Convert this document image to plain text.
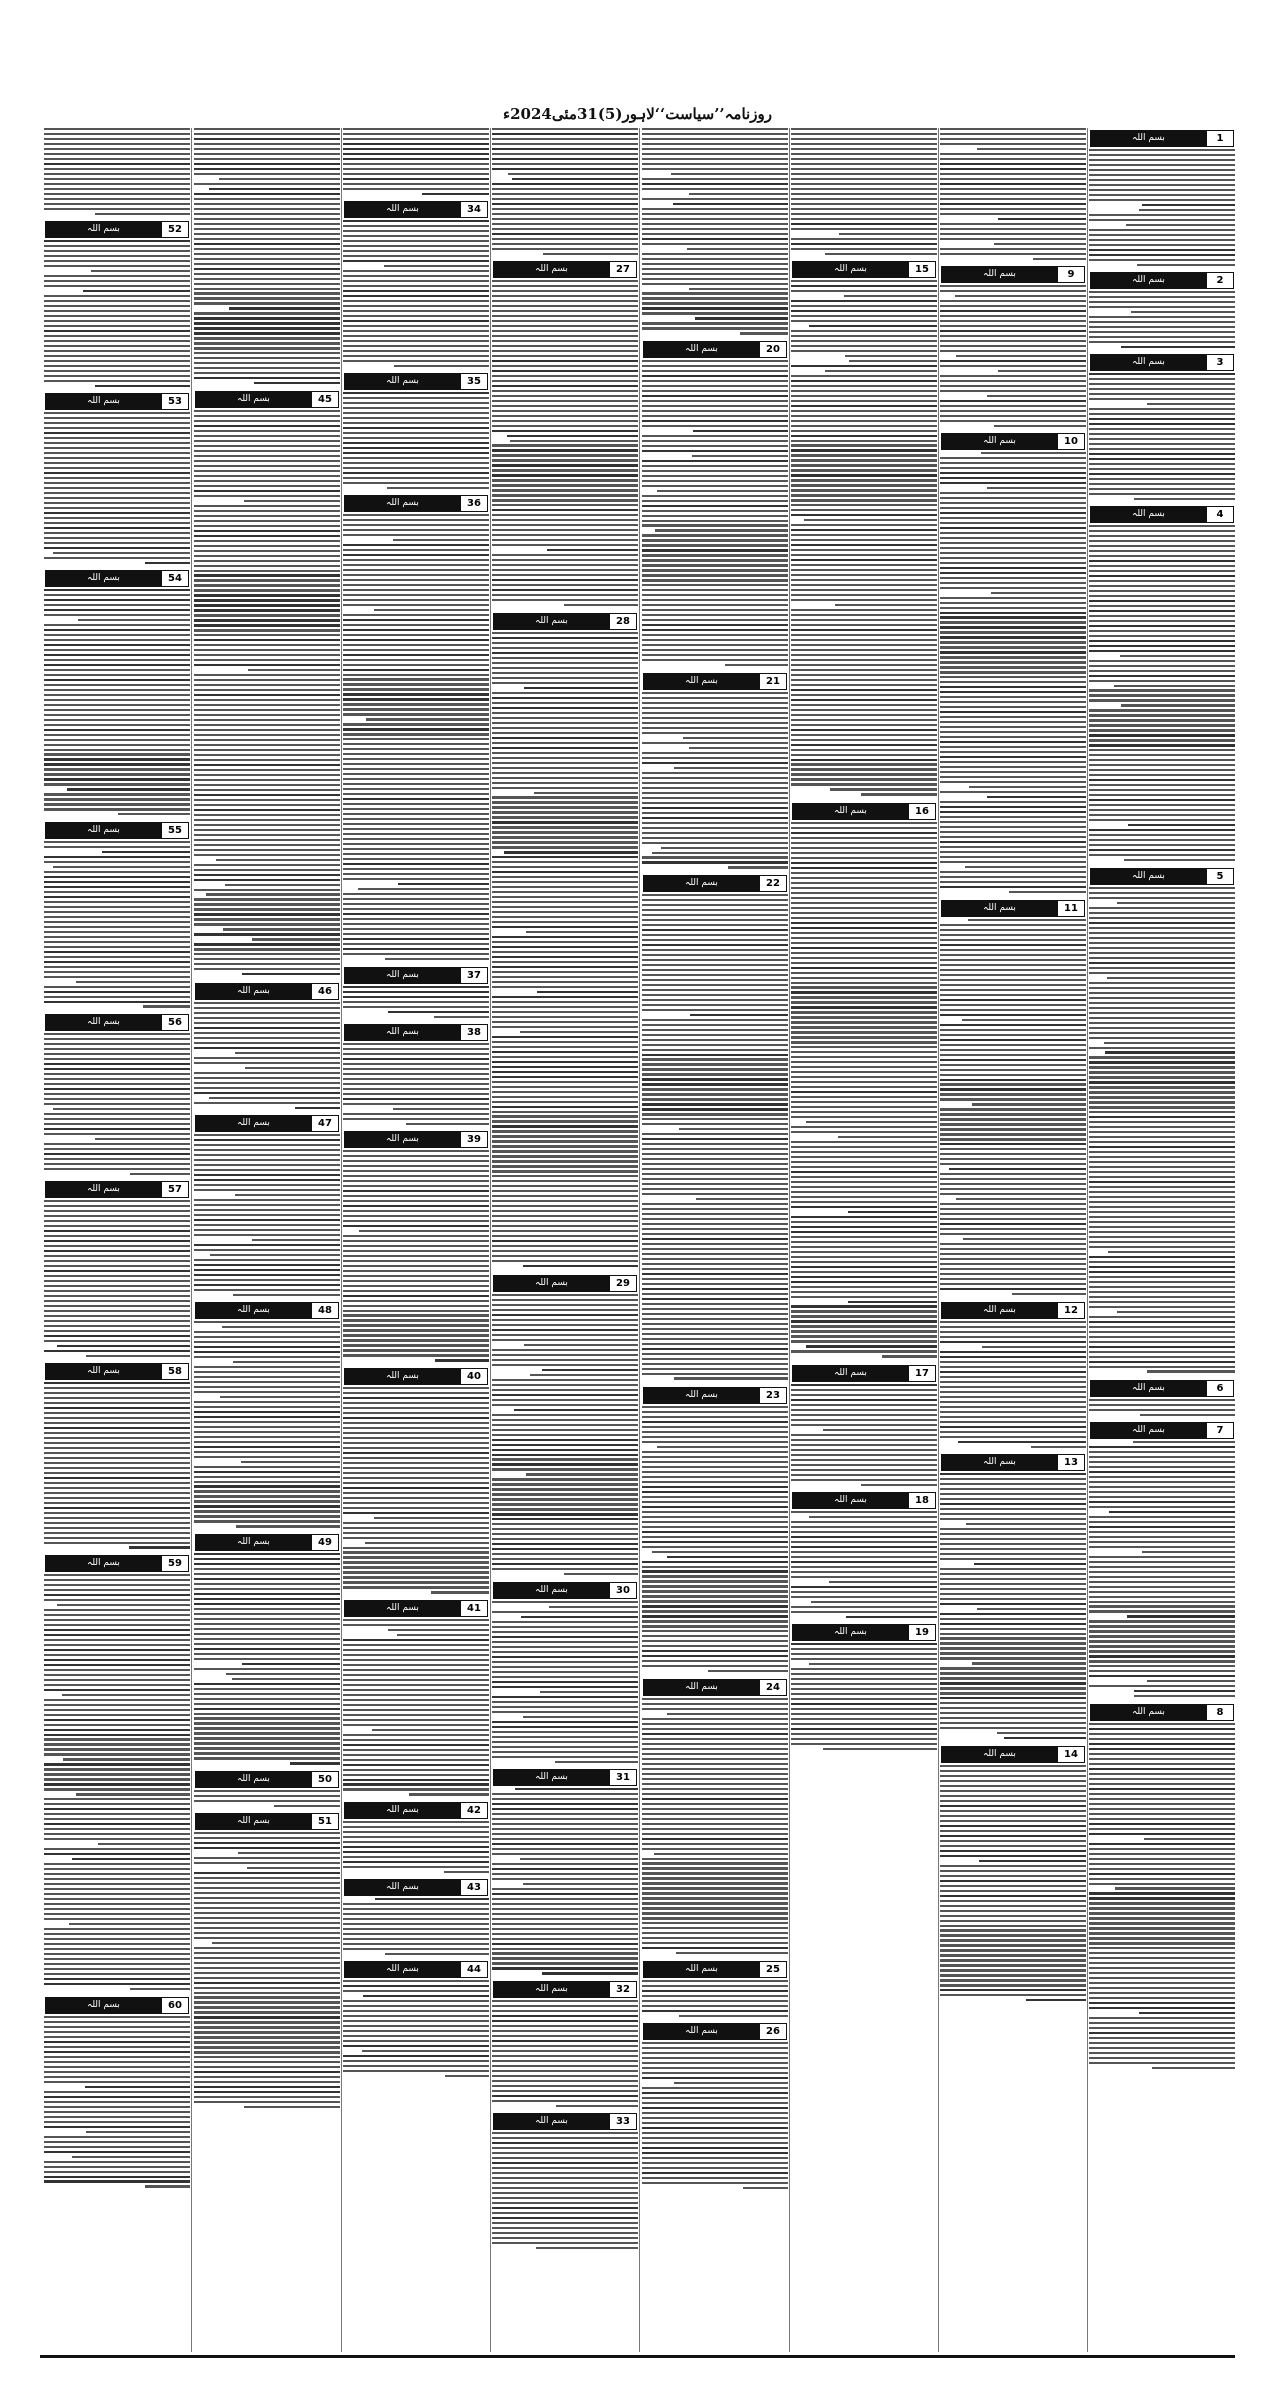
روزنامہ’’سیاست‘‘لاہور(5)31مئی2024ء
1
بسم اللہ
2
بسم اللہ
3
بسم اللہ
4
بسم اللہ
5
بسم اللہ
6
بسم اللہ
7
بسم اللہ
8
بسم اللہ
9
بسم اللہ
10
بسم اللہ
11
بسم اللہ
12
بسم اللہ
13
بسم اللہ
14
بسم اللہ
15
بسم اللہ
16
بسم اللہ
17
بسم اللہ
18
بسم اللہ
19
بسم اللہ
20
بسم اللہ
21
بسم اللہ
22
بسم اللہ
23
بسم اللہ
24
بسم اللہ
25
بسم اللہ
26
بسم اللہ
27
بسم اللہ
28
بسم اللہ
29
بسم اللہ
30
بسم اللہ
31
بسم اللہ
32
بسم اللہ
33
بسم اللہ
34
بسم اللہ
35
بسم اللہ
36
بسم اللہ
37
بسم اللہ
38
بسم اللہ
39
بسم اللہ
40
بسم اللہ
41
بسم اللہ
42
بسم اللہ
43
بسم اللہ
44
بسم اللہ
45
بسم اللہ
46
بسم اللہ
47
بسم اللہ
48
بسم اللہ
49
بسم اللہ
50
بسم اللہ
51
بسم اللہ
52
بسم اللہ
53
بسم اللہ
54
بسم اللہ
55
بسم اللہ
56
بسم اللہ
57
بسم اللہ
58
بسم اللہ
59
بسم اللہ
60
بسم اللہ
